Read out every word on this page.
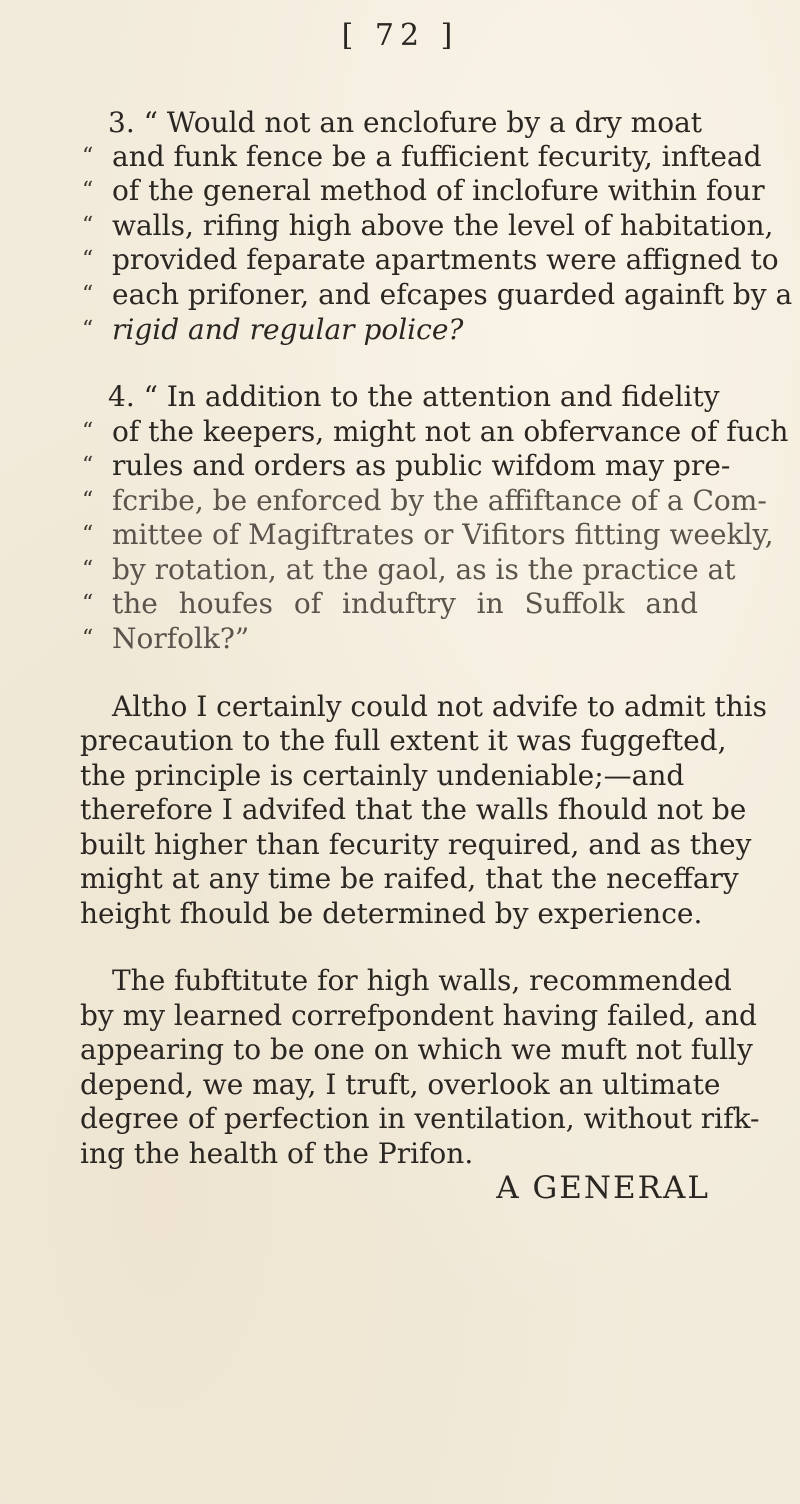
[ 72 ]
3. “ Would not an enclofure by a dry moat
“ and funk fence be a fufficient fecurity, inftead
“ of the general method of inclofure within four
“ walls, rifing high above the level of habitation,
“ provided feparate apartments were affigned to
“ each prifoner, and efcapes guarded againft by a
“ rigid and regular police?
4. “ In addition to the attention and fidelity
“ of the keepers, might not an obfervance of fuch
“ rules and orders as public wifdom may pre-
“ fcribe, be enforced by the affiftance of a Com-
“ mittee of Magiftrates or Vifitors fitting weekly,
“ by rotation, at the gaol, as is the practice at
“ the houfes of induftry in Suffolk and
“ Norfolk?”
Altho I certainly could not advife to admit this
precaution to the full extent it was fuggefted,
the principle is certainly undeniable;—and
therefore I advifed that the walls fhould not be
built higher than fecurity required, and as they
might at any time be raifed, that the neceffary
height fhould be determined by experience.
The fubftitute for high walls, recommended
by my learned correfpondent having failed, and
appearing to be one on which we muft not fully
depend, we may, I truft, overlook an ultimate
degree of perfection in ventilation, without rifk-
ing the health of the Prifon.
A GENERAL
